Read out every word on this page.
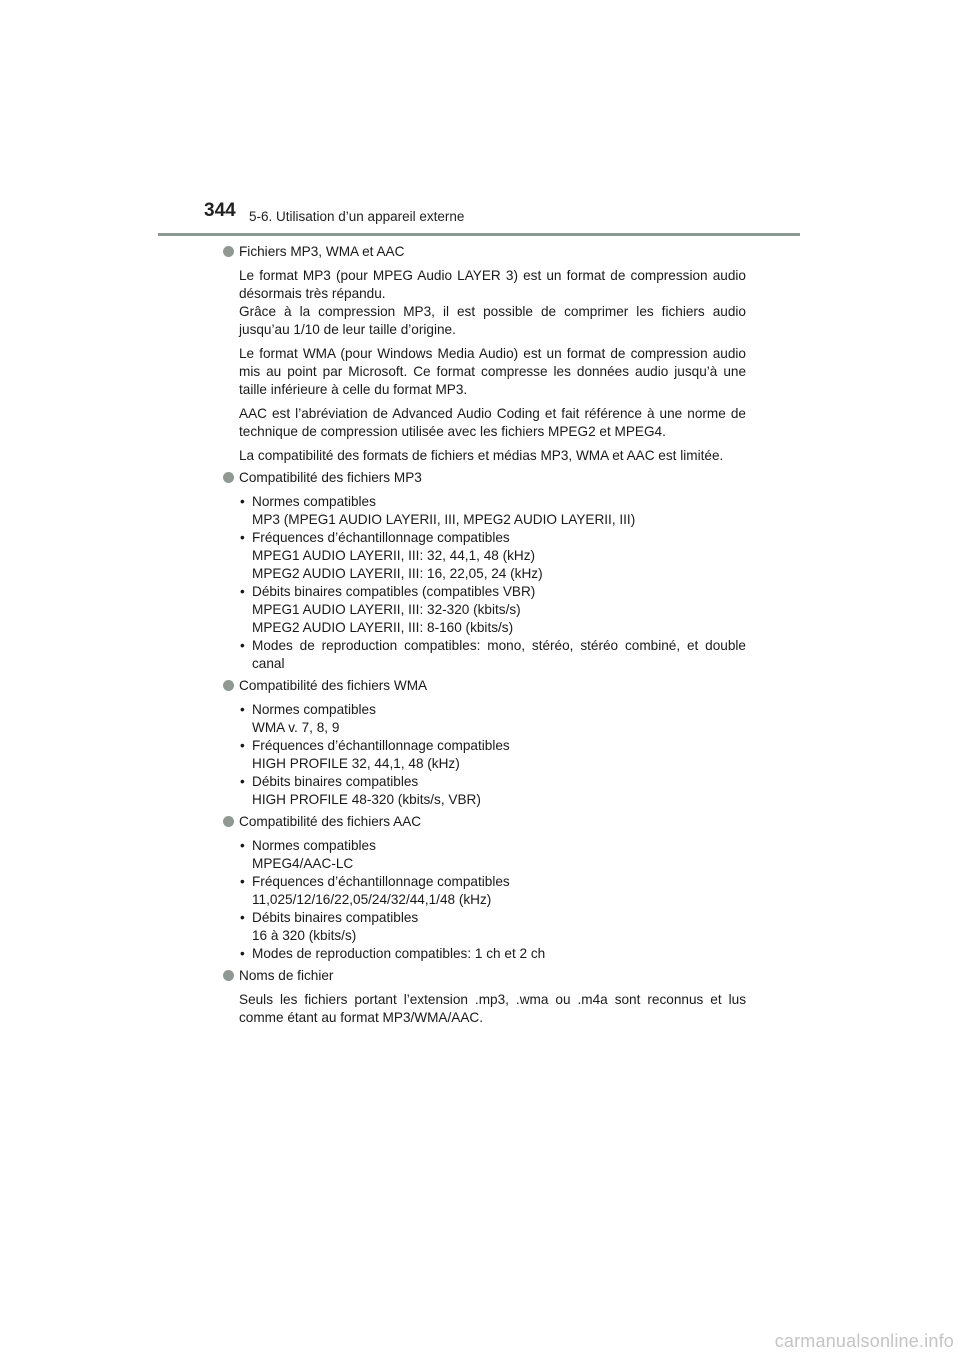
344 5-6. Utilisation d’un appareil externe
Fichiers MP3, WMA et AAC

Le format MP3 (pour MPEG Audio LAYER 3) est un format de compression audio désormais très répandu.
Grâce à la compression MP3, il est possible de comprimer les fichiers audio jusqu’au 1/10 de leur taille d’origine.

Le format WMA (pour Windows Media Audio) est un format de compression audio mis au point par Microsoft. Ce format compresse les données audio jusqu’à une taille inférieure à celle du format MP3.

AAC est l’abréviation de Advanced Audio Coding et fait référence à une norme de technique de compression utilisée avec les fichiers MPEG2 et MPEG4.

La compatibilité des formats de fichiers et médias MP3, WMA et AAC est limitée.

Compatibilité des fichiers MP3
• Normes compatibles
MP3 (MPEG1 AUDIO LAYERII, III, MPEG2 AUDIO LAYERII, III)
• Fréquences d’échantillonnage compatibles
MPEG1 AUDIO LAYERII, III: 32, 44,1, 48 (kHz)
MPEG2 AUDIO LAYERII, III: 16, 22,05, 24 (kHz)
• Débits binaires compatibles (compatibles VBR)
MPEG1 AUDIO LAYERII, III: 32-320 (kbits/s)
MPEG2 AUDIO LAYERII, III: 8-160 (kbits/s)
• Modes de reproduction compatibles: mono, stéréo, stéréo combiné, et double canal
Compatibilité des fichiers WMA
• Normes compatibles
WMA v. 7, 8, 9
• Fréquences d’échantillonnage compatibles
HIGH PROFILE 32, 44,1, 48 (kHz)
• Débits binaires compatibles
HIGH PROFILE 48-320 (kbits/s, VBR)
Compatibilité des fichiers AAC
• Normes compatibles
MPEG4/AAC-LC
• Fréquences d’échantillonnage compatibles
11,025/12/16/22,05/24/32/44,1/48 (kHz)
• Débits binaires compatibles
16 à 320 (kbits/s)
• Modes de reproduction compatibles: 1 ch et 2 ch
Noms de fichier

Seuls les fichiers portant l’extension .mp3, .wma ou .m4a sont reconnus et lus comme étant au format MP3/WMA/AAC.

carmanualsonline.info
